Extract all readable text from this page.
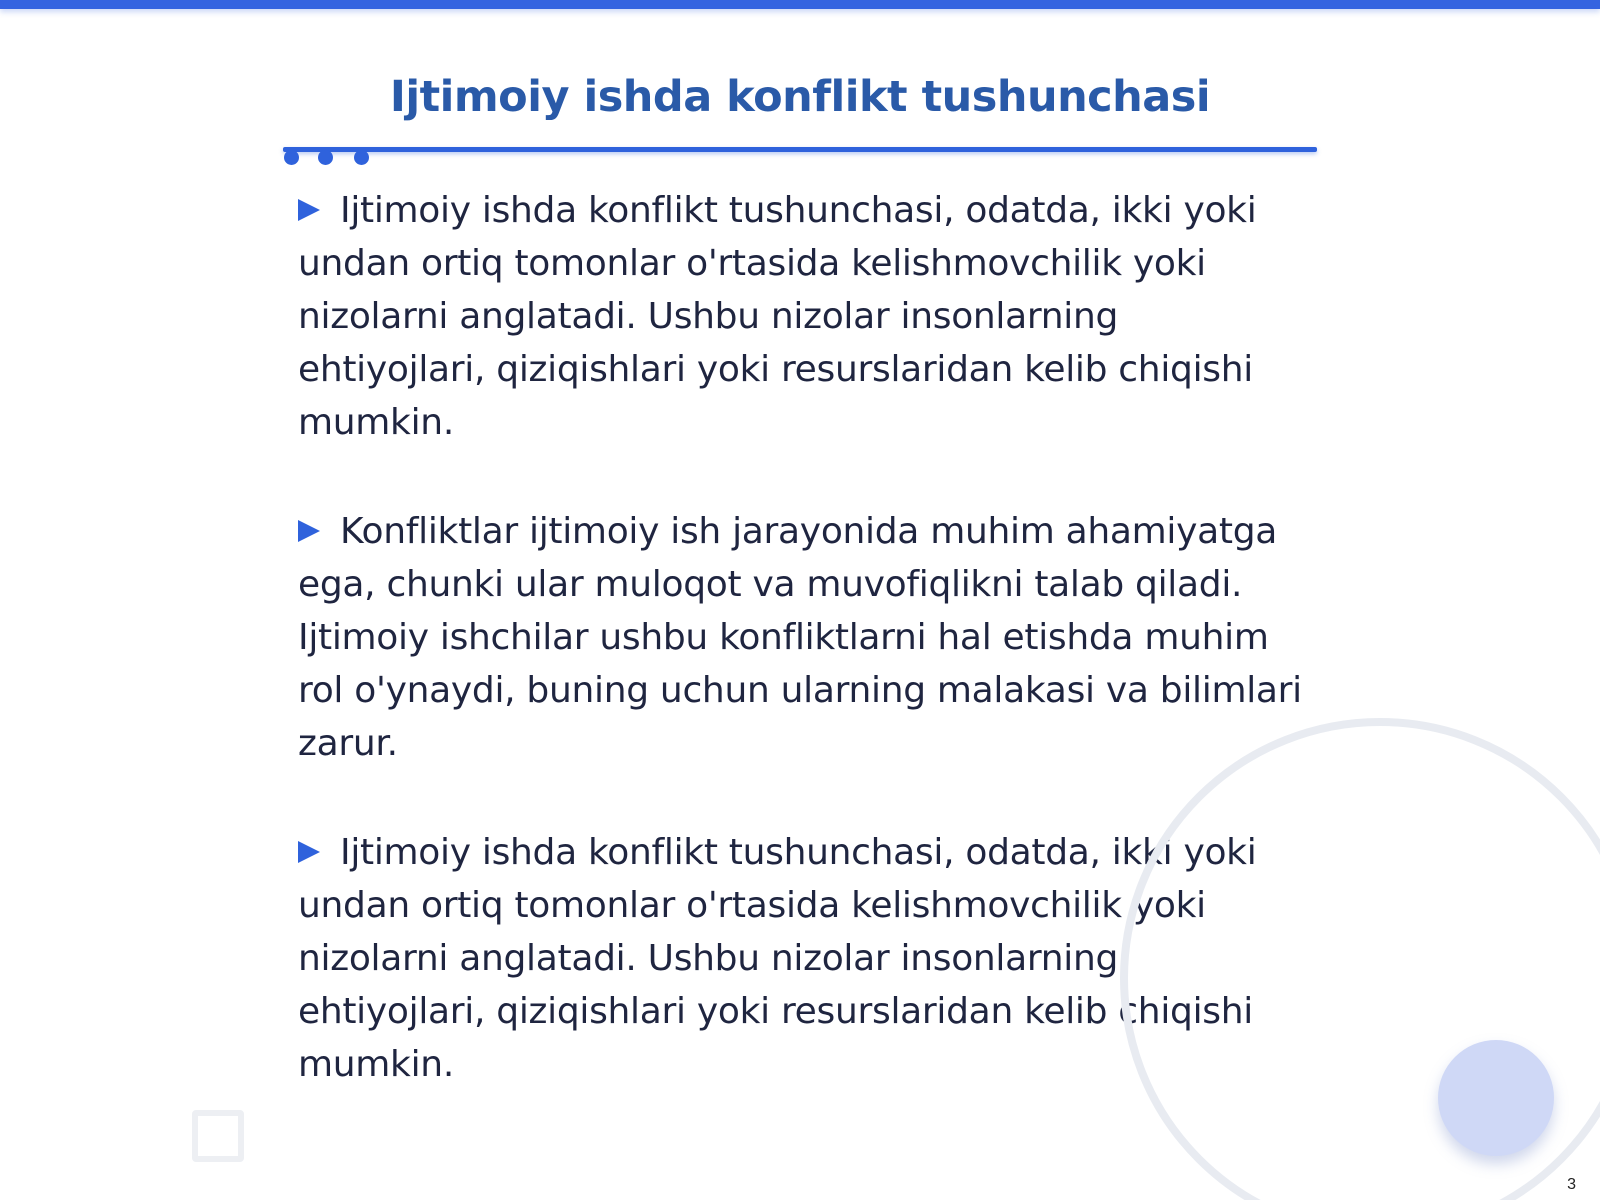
Ijtimoiy ishda konflikt tushunchasi
Ijtimoiy ishda konflikt tushunchasi, odatda, ikki yoki undan ortiq tomonlar o'rtasida kelishmovchilik yoki nizolarni anglatadi. Ushbu nizolar insonlarning ehtiyojlari, qiziqishlari yoki resurslaridan kelib chiqishi mumkin.
Konfliktlar ijtimoiy ish jarayonida muhim ahamiyatga ega, chunki ular muloqot va muvofiqlikni talab qiladi. Ijtimoiy ishchilar ushbu konfliktlarni hal etishda muhim rol o'ynaydi, buning uchun ularning malakasi va bilimlari zarur.
Ijtimoiy ishda konflikt tushunchasi, odatda, ikki yoki undan ortiq tomonlar o'rtasida kelishmovchilik yoki nizolarni anglatadi. Ushbu nizolar insonlarning ehtiyojlari, qiziqishlari yoki resurslaridan kelib chiqishi mumkin.
3
